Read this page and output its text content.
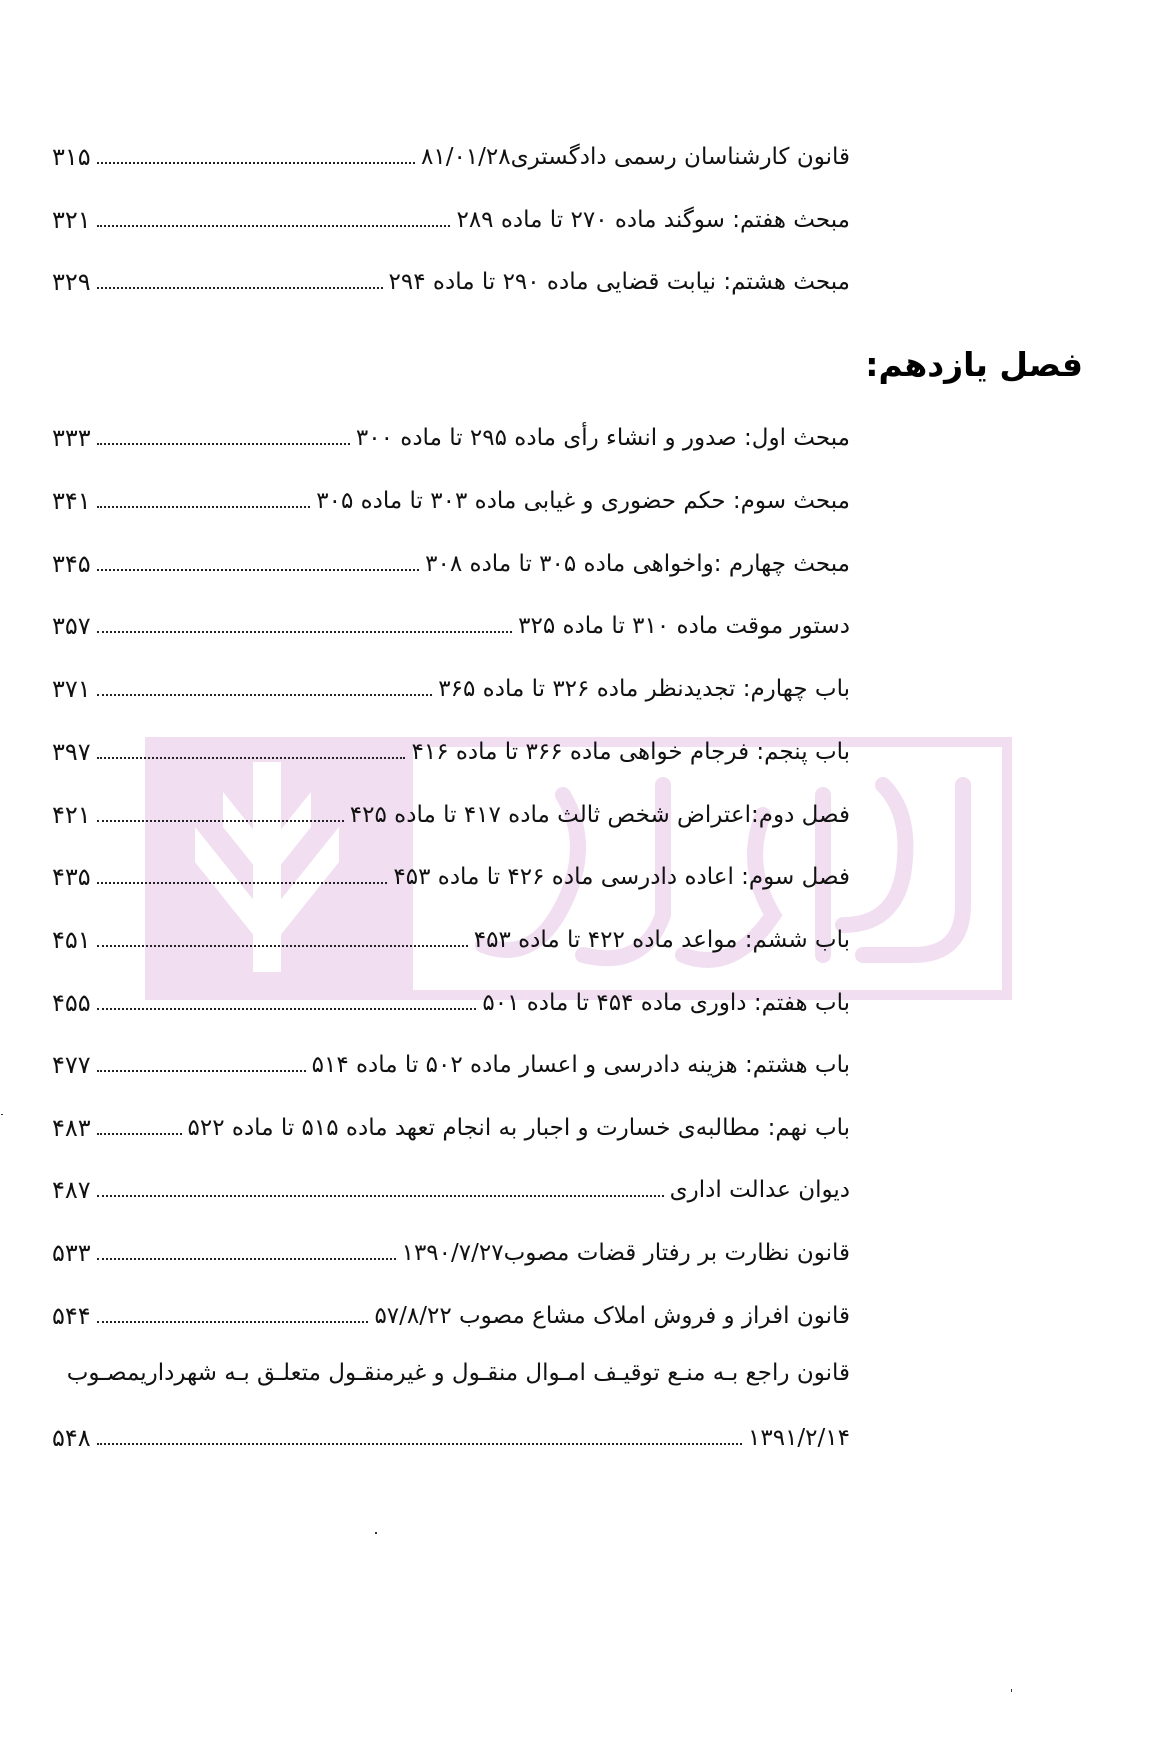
قانون کارشناسان رسمی دادگستری۸۱/۰۱/۲۸
۳۱۵
مبحث هفتم: سوگند ماده ۲۷۰ تا ماده ۲۸۹
۳۲۱
مبحث هشتم: نیابت قضایی ماده ۲۹۰ تا ماده ۲۹۴
۳۲۹
فصل یازدهم:
مبحث اول: صدور و انشاء رأی ماده ۲۹۵ تا ماده ۳۰۰
۳۳۳
مبحث سوم: حکم حضوری و غیابی ماده ۳۰۳ تا ماده ۳۰۵
۳۴۱
مبحث چهارم :واخواهی ماده ۳۰۵ تا ماده ۳۰۸
۳۴۵
دستور موقت ماده ۳۱۰ تا ماده ۳۲۵
۳۵۷
باب چهارم: تجدیدنظر ماده ۳۲۶ تا ماده ۳۶۵
۳۷۱
باب پنجم: فرجام خواهی ماده ۳۶۶ تا ماده ۴۱۶
۳۹۷
فصل دوم:اعتراض شخص ثالث ماده ۴۱۷ تا ماده ۴۲۵
۴۲۱
فصل سوم: اعاده دادرسی ماده ۴۲۶ تا ماده ۴۵۳
۴۳۵
باب ششم: مواعد ماده ۴۲۲ تا ماده ۴۵۳
۴۵۱
باب هفتم: داوری ماده ۴۵۴ تا ماده ۵۰۱
۴۵۵
باب هشتم: هزینه دادرسی و اعسار ماده ۵۰۲ تا ماده ۵۱۴
۴۷۷
باب نهم: مطالبه‌ی خسارت و اجبار به انجام تعهد ماده ۵۱۵ تا ماده ۵۲۲
۴۸۳
دیوان عدالت اداری
۴۸۷
قانون نظارت بر رفتار قضات مصوب۱۳۹۰/۷/۲۷
۵۳۳
قانون افراز و فروش املاک مشاع مصوب ۵۷/۸/۲۲
۵۴۴
قانون راجع بـه منـع توقیـف امـوال منقـول و غیرمنقـول متعلـق بـه شهرداریمصـوب
۱۳۹۱/۲/۱۴
۵۴۸
